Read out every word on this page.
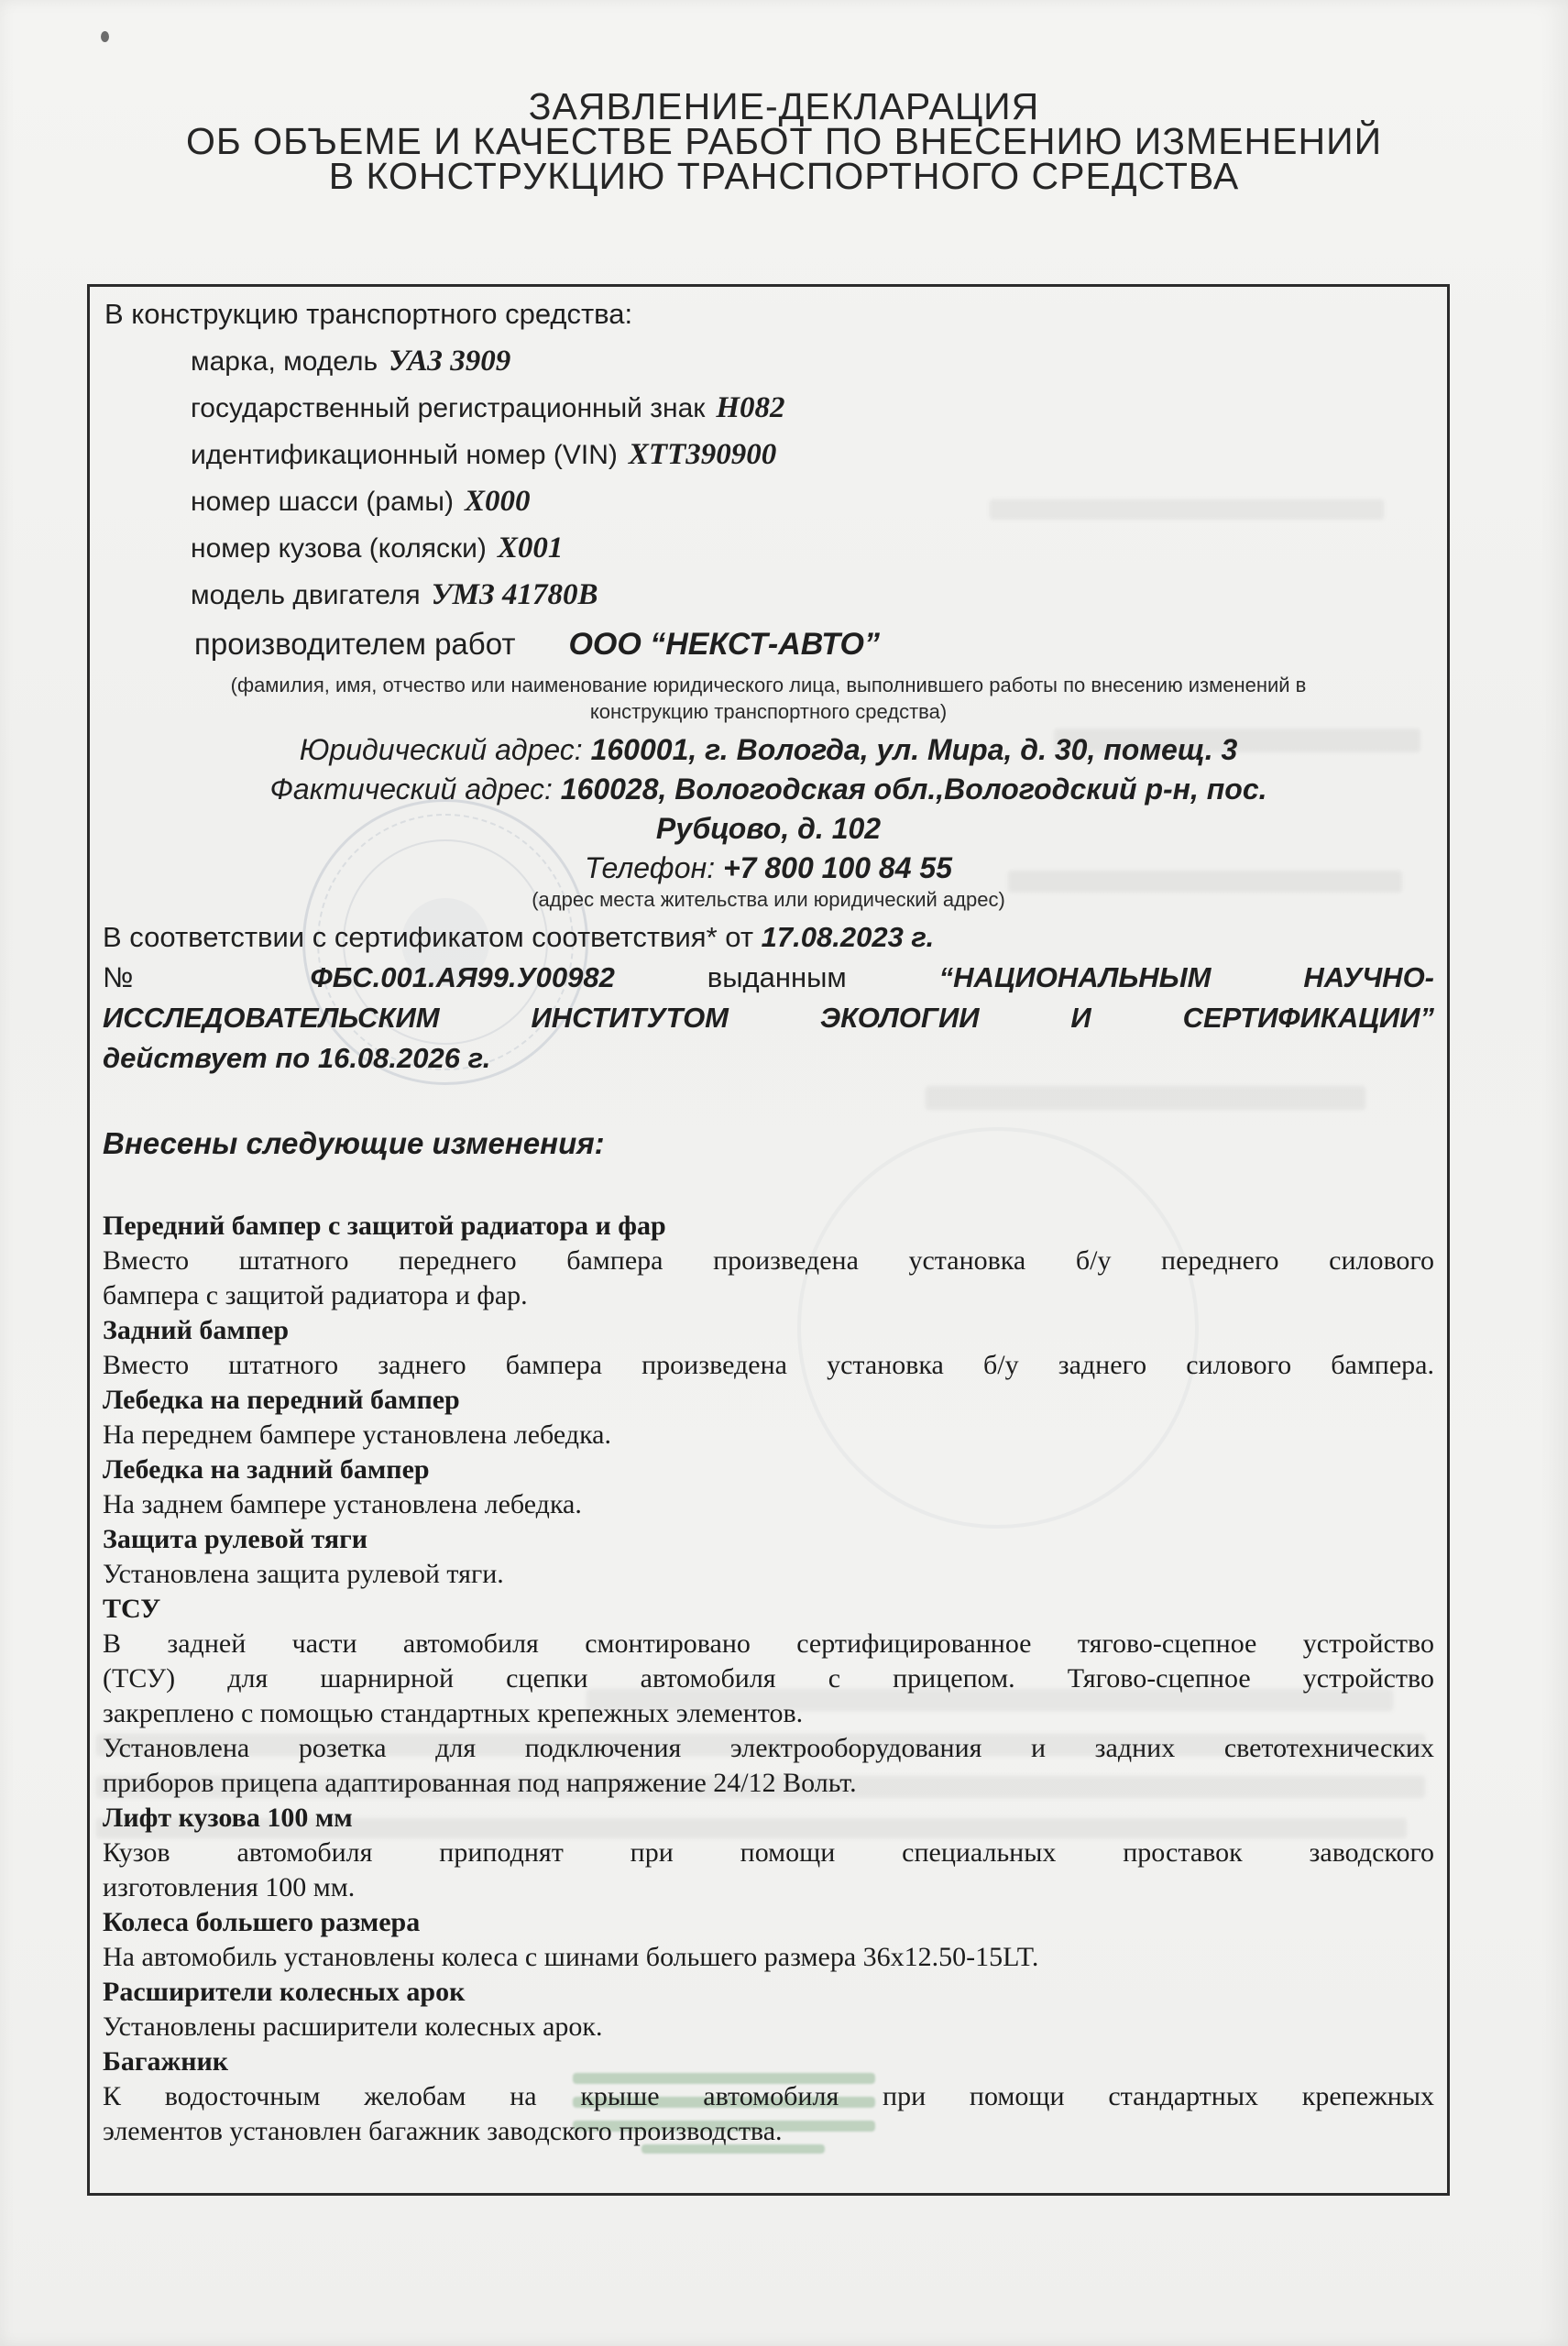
ЗАЯВЛЕНИЕ-ДЕКЛАРАЦИЯ
ОБ ОБЪЕМЕ И КАЧЕСТВЕ РАБОТ ПО ВНЕСЕНИЮ ИЗМЕНЕНИЙ
В КОНСТРУКЦИЮ ТРАНСПОРТНОГО СРЕДСТВА

В конструкцию транспортного средства:

марка, модель УАЗ 3909
государственный регистрационный знак Н082
идентификационный номер (VIN) XTT390900
номер шасси (рамы) X000
номер кузова (коляски) X001
модель двигателя УМЗ 41780В
производителем работ ООО “НЕКСТ-АВТО”
(фамилия, имя, отчество или наименование юридического лица, выполнившего работы по внесению изменений в
конструкцию транспортного средства)
Юридический адрес: 160001, г. Вологда, ул. Мира, д. 30, помещ. 3
Фактический адрес: 160028, Вологодская обл.,Вологодский р-н, пос.
Рубцово, д. 102
Телефон: +7 800 100 84 55
(адрес места жительства или юридический адрес)
В соответствии с сертификатом соответствия* от 17.08.2023 г.
№	ФБС.001.АЯ99.У00982	выданным	“НАЦИОНАЛЬНЫМ НАУЧНО-
ИССЛЕДОВАТЕЛЬСКИМ ИНСТИТУТОМ ЭКОЛОГИИ И СЕРТИФИКАЦИИ”
действует по 16.08.2026 г.
Внесены следующие изменения:
Передний бампер с защитой радиатора и фар
Вместо штатного переднего бампера произведена установка б/у переднего силового
бампера с защитой радиатора и фар.
Задний бампер
Вместо штатного заднего бампера произведена установка б/у заднего силового бампера.
Лебедка на передний бампер
На переднем бампере установлена лебедка.
Лебедка на задний бампер
На заднем бампере установлена лебедка.
Защита рулевой тяги
Установлена защита рулевой тяги.
ТСУ
В задней части автомобиля смонтировано сертифицированное тягово-сцепное устройство
(ТСУ) для шарнирной сцепки автомобиля с прицепом. Тягово-сцепное устройство
закреплено с помощью стандартных крепежных элементов.
Установлена розетка для подключения электрооборудования и задних светотехнических
приборов прицепа адаптированная под напряжение 24/12 Вольт.
Лифт кузова 100 мм
Кузов автомобиля приподнят при помощи специальных проставок заводского
изготовления 100 мм.
Колеса большего размера
На автомобиль установлены колеса с шинами большего размера 36x12.50-15LT.
Расширители колесных арок
Установлены расширители колесных арок.
Багажник
К водосточным желобам на крыше автомобиля при помощи стандартных крепежных
элементов установлен багажник заводского производства.
